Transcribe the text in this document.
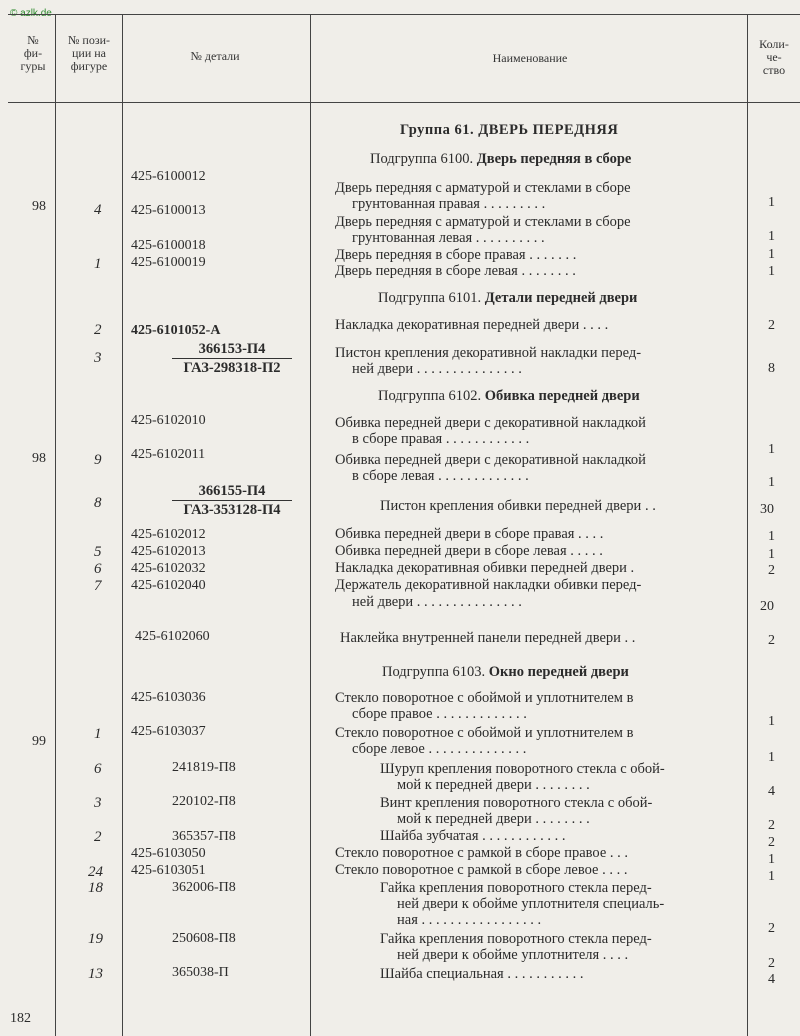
© azlk.de
№
фи-
гуры
№ пози-
ции на
фигуре
№ детали	Наименование
Коли-
че-
ство
Группа 61. ДВЕРЬ ПЕРЕДНЯЯ
Подгруппа 6100. Дверь передняя в сборе
Подгруппа 6101. Детали передней двери
Подгруппа 6102. Обивка передней двери
Подгруппа 6103. Окно передней двери
98
98
99
4
1
2
3
9
8
5
6
7
1
6
3
2
24
18
19
13
425-6100012
425-6100013
425-6100018
425-6100019
425-6101052-А
425-6102010
425-6102011
425-6102012
425-6102013
425-6102032
425-6102040
425-6102060
425-6103036
425-6103037
241819-П8
220102-П8
365357-П8
425-6103050
425-6103051
362006-П8
250608-П8
365038-П
366153-П4
ГАЗ-298318-П2
366155-П4
ГАЗ-353128-П4
Дверь передняя с арматурой и стеклами в сборе
грунтованная правая . . . . . . . . .
Дверь передняя с арматурой и стеклами в сборе
грунтованная левая . . . . . . . . . .
Дверь передняя в сборе правая . . . . . . .
Дверь передняя в сборе левая . . . . . . . .
Накладка декоративная передней двери . . . .
Пистон крепления декоративной накладки перед-
ней двери . . . . . . . . . . . . . . .
Обивка передней двери с декоративной накладкой
в сборе правая . . . . . . . . . . . .
Обивка передней двери с декоративной накладкой
в сборе левая . . . . . . . . . . . . .
Пистон крепления обивки передней двери . .
Обивка передней двери в сборе правая . . . .
Обивка передней двери в сборе левая . . . . .
Накладка декоративная обивки передней двери .
Держатель декоративной накладки обивки перед-
ней двери . . . . . . . . . . . . . . .
Наклейка внутренней панели передней двери . .
Стекло поворотное с обоймой и уплотнителем в
сборе правое . . . . . . . . . . . . .
Стекло поворотное с обоймой и уплотнителем в
сборе левое . . . . . . . . . . . . . .
Шуруп крепления поворотного стекла с обой-
мой к передней двери . . . . . . . .
Винт крепления поворотного стекла с обой-
мой к передней двери . . . . . . . .
Шайба зубчатая . . . . . . . . . . . .
Стекло поворотное с рамкой в сборе правое . . .
Стекло поворотное с рамкой в сборе левое . . . .
Гайка крепления поворотного стекла перед-
ней двери к обойме уплотнителя специаль-
ная . . . . . . . . . . . . . . . . .
Гайка крепления поворотного стекла перед-
ней двери к обойме уплотнителя . . . .
Шайба специальная . . . . . . . . . . .
1
1
1
1
2
8
1
1
30
1
1
2
20
2
1
1
4
2
2
1
1
2
2
4
182
